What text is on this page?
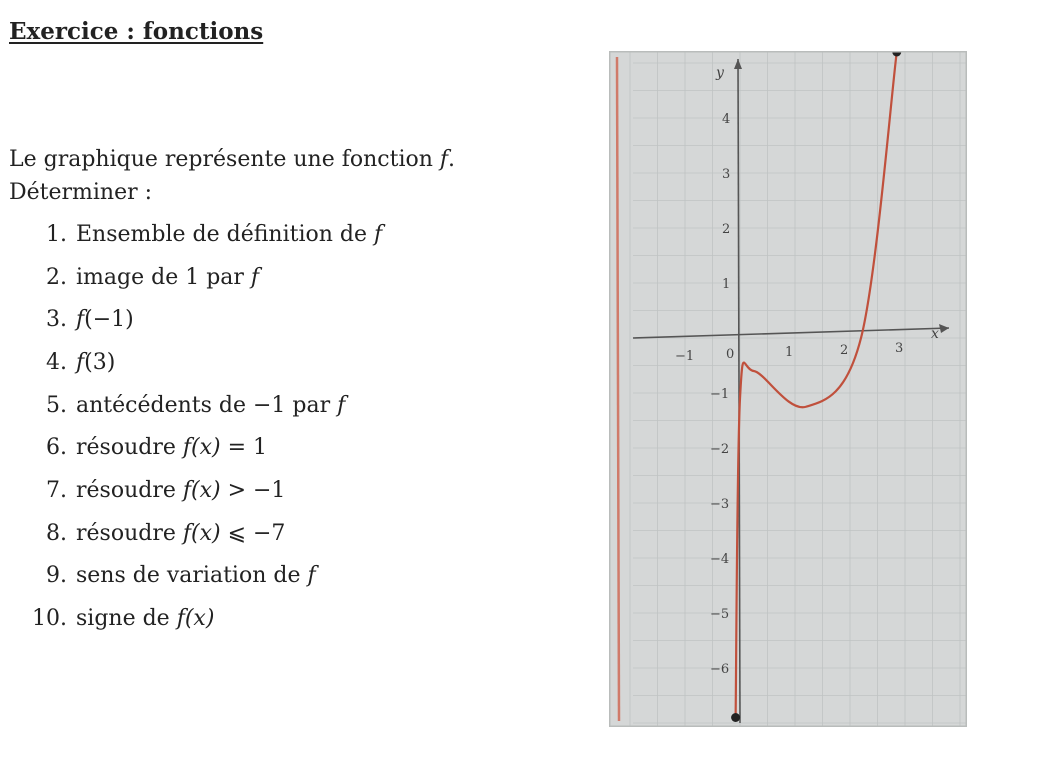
Exercice : fonctions
Le graphique représente une fonction f.
Déterminer :
1. Ensemble de définition de f
2. image de 1 par f
3. f(−1)
4. f(3)
5. antécédents de −1 par f
6. résoudre f(x) = 1
7. résoudre f(x) > −1
8. résoudre f(x) ⩽ −7
9. sens de variation de f
10. signe de f(x)
y
x
0
−1	1	2	3
4
3
2
1
−1
−2
−3
−4
−5
−6
